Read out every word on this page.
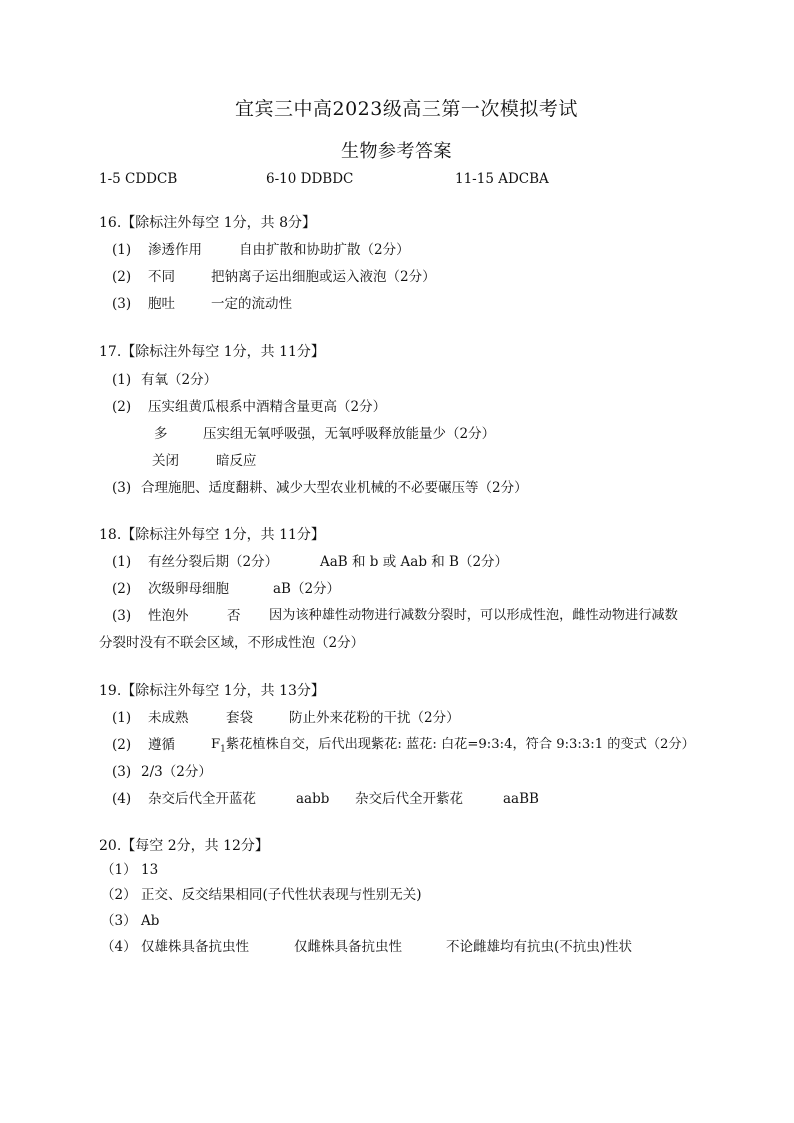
宜宾三中高2023级高三第一次模拟考试
生物参考答案
1-5 CDDCB	6-10 DDBDC	11-15 ADCBA
16.【除标注外每空 1分，共 8分】
(1) 渗透作用	自由扩散和协助扩散（2分）
(2) 不同	把钠离子运出细胞或运入液泡（2分）
(3) 胞吐	一定的流动性
17.【除标注外每空 1分，共 11分】
(1) 有氧（2分）
(2) 压实组黄瓜根系中酒精含量更高（2分）
多	压实组无氧呼吸强，无氧呼吸释放能量少（2分）
关闭	暗反应
(3) 合理施肥、适度翻耕、减少大型农业机械的不必要碾压等（2分）
18.【除标注外每空 1分，共 11分】
(1) 有丝分裂后期（2分）	AaB 和 b 或 Aab 和 B（2分）
(2) 次级卵母细胞	aB（2分）
(3) 性泡外	否 因为该种雄性动物进行减数分裂时，可以形成性泡，雌性动物进行减数
分裂时没有不联会区域，不形成性泡（2分）
19.【除标注外每空 1分，共 13分】
(1) 未成熟	套袋	防止外来花粉的干扰（2分）
(2) 遵循	$F_1$紫花植株自交，后代出现紫花: 蓝花: 白花=9:3:4，符合 9:3:3:1 的变式（2分）
(3) 2/3（2分）
(4) 杂交后代全开蓝花	aabb 杂交后代全开紫花	aaBB
20.【每空 2分，共 12分】
（1） 13
（2） 正交、反交结果相同(子代性状表现与性别无关)
（3） Ab
（4） 仅雄株具备抗虫性	仅雌株具备抗虫性	不论雌雄均有抗虫(不抗虫)性状
